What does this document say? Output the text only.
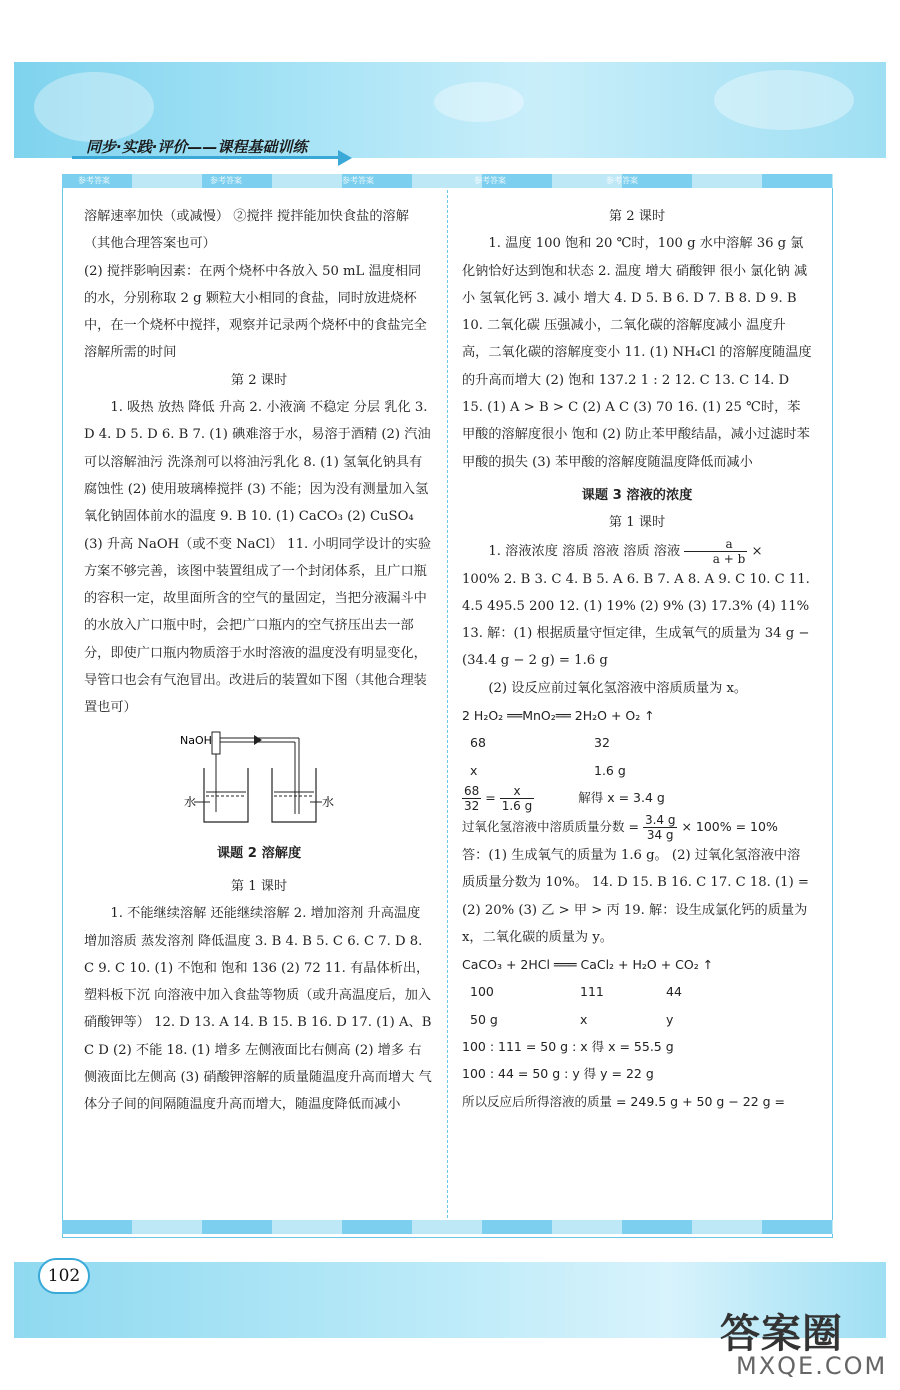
同步·实践·评价——课程基础训练
参考答案	参考答案	参考答案	参考答案	参考答案

溶解速率加快（或减慢） ②搅拌 搅拌能加快食盐的溶解（其他合理答案也可）

(2) 搅拌影响因素：在两个烧杯中各放入 50 mL 温度相同的水，分别称取 2 g 颗粒大小相同的食盐，同时放进烧杯中，在一个烧杯中搅拌，观察并记录两个烧杯中的食盐完全溶解所需的时间

第 2 课时

1. 吸热 放热 降低 升高 2. 小液滴 不稳定 分层 乳化 3. D 4. D 5. D 6. B 7. (1) 碘难溶于水，易溶于酒精 (2) 汽油可以溶解油污 洗涤剂可以将油污乳化 8. (1) 氢氧化钠具有腐蚀性 (2) 使用玻璃棒搅拌 (3) 不能；因为没有测量加入氢氧化钠固体前水的温度 9. B 10. (1) CaCO₃ (2) CuSO₄ (3) 升高 NaOH（或不变 NaCl） 11. 小明同学设计的实验方案不够完善，该图中装置组成了一个封闭体系，且广口瓶的容积一定，故里面所含的空气的量固定，当把分液漏斗中的水放入广口瓶中时，会把广口瓶内的空气挤压出去一部分，即使广口瓶内物质溶于水时溶液的温度没有明显变化，导管口也会有气泡冒出。改进后的装置如下图（其他合理装置也可）

NaOH
水	水

课题 2 溶解度

第 1 课时

1. 不能继续溶解 还能继续溶解 2. 增加溶剂 升高温度 增加溶质 蒸发溶剂 降低温度 3. B 4. B 5. C 6. C 7. D 8. C 9. C 10. (1) 不饱和 饱和 136 (2) 72 11. 有晶体析出，塑料板下沉 向溶液中加入食盐等物质（或升高温度后，加入硝酸钾等） 12. D 13. A 14. B 15. B 16. D 17. (1) A、B C D (2) 不能 18. (1) 增多 左侧液面比右侧高 (2) 增多 右侧液面比左侧高 (3) 硝酸钾溶解的质量随温度升高而增大 气体分子间的间隔随温度升高而增大，随温度降低而减小

第 2 课时

1. 温度 100 饱和 20 ℃时，100 g 水中溶解 36 g 氯化钠恰好达到饱和状态 2. 温度 增大 硝酸钾 很小 氯化钠 减小 氢氧化钙 3. 减小 增大 4. D 5. B 6. D 7. B 8. D 9. B 10. 二氧化碳 压强减小，二氧化碳的溶解度减小 温度升高，二氧化碳的溶解度变小 11. (1) NH₄Cl 的溶解度随温度的升高而增大 (2) 饱和 137.2 1 : 2 12. C 13. C 14. D 15. (1) A > B > C (2) A C (3) 70 16. (1) 25 ℃时，苯甲酸的溶解度很小 饱和 (2) 防止苯甲酸结晶，减小过滤时苯甲酸的损失 (3) 苯甲酸的溶解度随温度降低而减小

课题 3 溶液的浓度

第 1 课时

1. 溶液浓度 溶质 溶液 溶质 溶液 $\frac{a}{a + b}$ ×

100% 2. B 3. C 4. B 5. A 6. B 7. A 8. A 9. C 10. C 11. 4.5 495.5 200 12. (1) 19% (2) 9% (3) 17.3% (4) 11% 13. 解：(1) 根据质量守恒定律，生成氧气的质量为 34 g − (34.4 g − 2 g) = 1.6 g

(2) 设反应前过氧化氢溶液中溶质质量为 x。

2 H₂O₂ ══MnO₂══ 2H₂O + O₂ ↑

68	32

x	1.6 g

$\frac{68}{32} = \frac{x}{1.6 g}$	解得 x = 3.4 g

过氧化氢溶液中溶质质量分数 = $\frac{3.4 g}{34 g} \times 100\% = 10\%$

答：(1) 生成氧气的质量为 1.6 g。 (2) 过氧化氢溶液中溶质质量分数为 10%。 14. D 15. B 16. C 17. C 18. (1) = (2) 20% (3) 乙 > 甲 > 丙 19. 解：设生成氯化钙的质量为 x，二氧化碳的质量为 y。

CaCO₃ + 2HCl ═══ CaCl₂ + H₂O + CO₂ ↑

100	111	44

50 g	x	y

100 : 111 = 50 g : x 得 x = 55.5 g

100 : 44 = 50 g : y 得 y = 22 g

所以反应后所得溶液的质量 = 249.5 g + 50 g − 22 g =

102
答案圈
MXQE.COM
